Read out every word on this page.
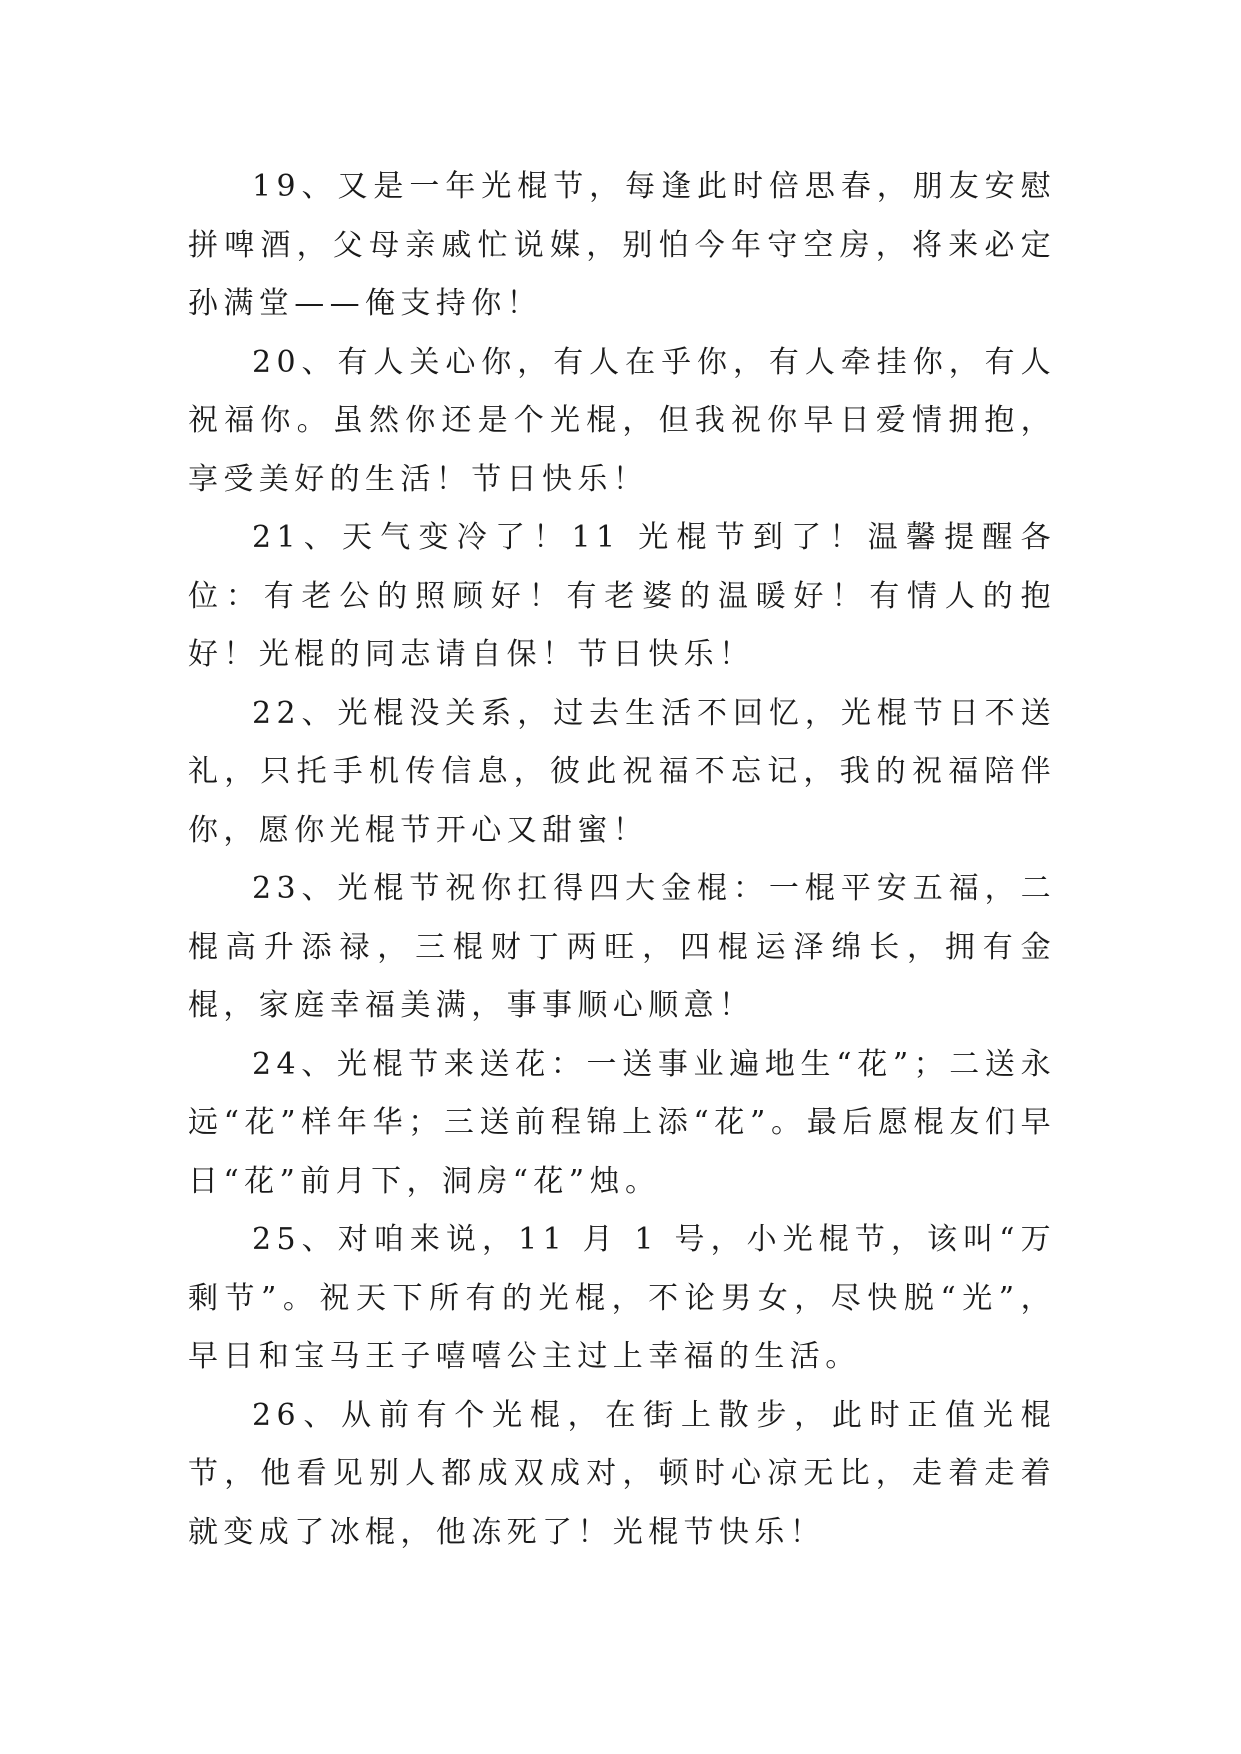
19、又是一年光棍节，每逢此时倍思春，朋友安慰拼啤酒，父母亲戚忙说媒，别怕今年守空房，将来必定孙满堂——俺支持你！

20、有人关心你，有人在乎你，有人牵挂你，有人祝福你。虽然你还是个光棍，但我祝你早日爱情拥抱，享受美好的生活！节日快乐！

21、天气变冷了！11 光棍节到了！温馨提醒各位：有老公的照顾好！有老婆的温暖好！有情人的抱好！光棍的同志请自保！节日快乐！

22、光棍没关系，过去生活不回忆，光棍节日不送礼，只托手机传信息，彼此祝福不忘记，我的祝福陪伴你，愿你光棍节开心又甜蜜！

23、光棍节祝你扛得四大金棍：一棍平安五福，二棍高升添禄，三棍财丁两旺，四棍运泽绵长，拥有金棍，家庭幸福美满，事事顺心顺意！

24、光棍节来送花：一送事业遍地生“花”；二送永远“花”样年华；三送前程锦上添“花”。最后愿棍友们早日“花”前月下，洞房“花”烛。

25、对咱来说，11 月 1 号，小光棍节，该叫“万剩节”。祝天下所有的光棍，不论男女，尽快脱“光”，早日和宝马王子嘻嘻公主过上幸福的生活。

26、从前有个光棍，在街上散步，此时正值光棍节，他看见别人都成双成对，顿时心凉无比，走着走着就变成了冰棍，他冻死了！光棍节快乐！
